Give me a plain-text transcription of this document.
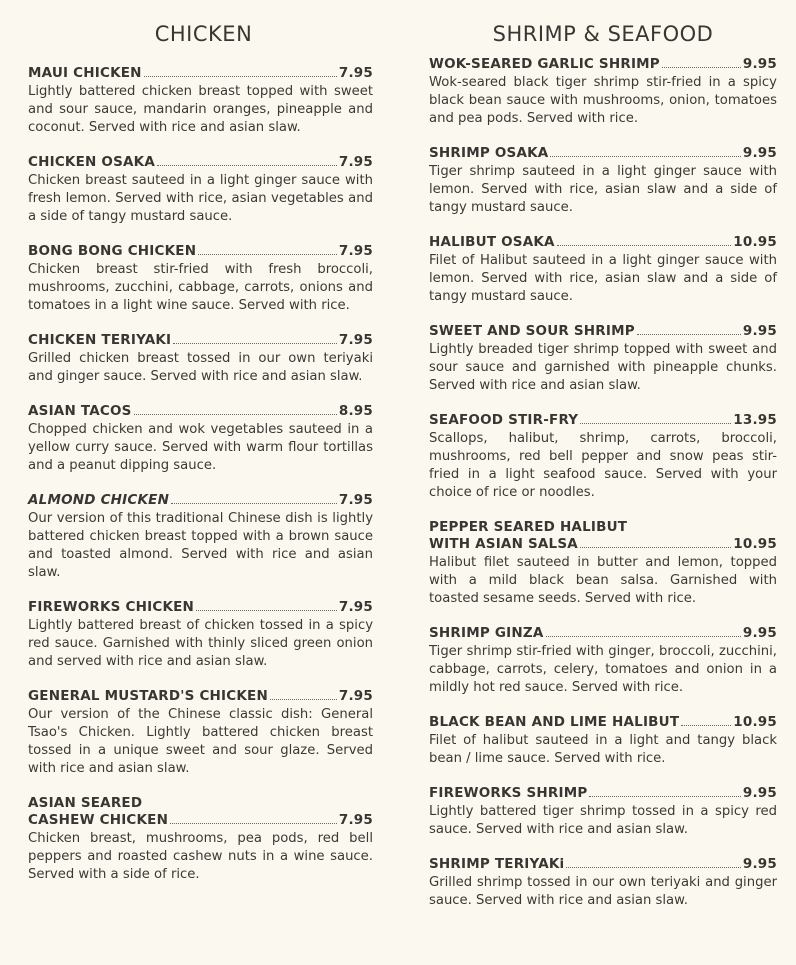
CHICKEN
MAUI CHICKEN	7.95

Lightly battered chicken breast topped with sweet and sour sauce, mandarin oranges, pineapple and coconut. Served with rice and asian slaw.

CHICKEN OSAKA	7.95

Chicken breast sauteed in a light ginger sauce with fresh lemon. Served with rice, asian vegetables and a side of tangy mustard sauce.

BONG BONG CHICKEN	7.95

Chicken breast stir-fried with fresh broccoli, mushrooms, zucchini, cabbage, carrots, onions and tomatoes in a light wine sauce. Served with rice.

CHICKEN TERIYAKI	7.95

Grilled chicken breast tossed in our own teriyaki and ginger sauce. Served with rice and asian slaw.

ASIAN TACOS	8.95

Chopped chicken and wok vegetables sauteed in a yellow curry sauce. Served with warm flour tortillas and a peanut dipping sauce.

ALMOND CHICKEN	7.95

Our version of this traditional Chinese dish is lightly battered chicken breast topped with a brown sauce and toasted almond. Served with rice and asian slaw.

FIREWORKS CHICKEN	7.95

Lightly battered breast of chicken tossed in a spicy red sauce. Garnished with thinly sliced green onion and served with rice and asian slaw.

GENERAL MUSTARD'S CHICKEN	7.95

Our version of the Chinese classic dish: General Tsao's Chicken. Lightly battered chicken breast tossed in a unique sweet and sour glaze. Served with rice and asian slaw.

ASIAN SEARED
CASHEW CHICKEN	7.95

Chicken breast, mushrooms, pea pods, red bell peppers and roasted cashew nuts in a wine sauce. Served with a side of rice.

SHRIMP & SEAFOOD
WOK-SEARED GARLIC SHRIMP	9.95

Wok-seared black tiger shrimp stir-fried in a spicy black bean sauce with mushrooms, onion, tomatoes and pea pods. Served with rice.

SHRIMP OSAKA	9.95

Tiger shrimp sauteed in a light ginger sauce with lemon. Served with rice, asian slaw and a side of tangy mustard sauce.

HALIBUT OSAKA	10.95

Filet of Halibut sauteed in a light ginger sauce with lemon. Served with rice, asian slaw and a side of tangy mustard sauce.

SWEET AND SOUR SHRIMP	9.95

Lightly breaded tiger shrimp topped with sweet and sour sauce and garnished with pineapple chunks. Served with rice and asian slaw.

SEAFOOD STIR-FRY	13.95

Scallops, halibut, shrimp, carrots, broccoli, mushrooms, red bell pepper and snow peas stir-fried in a light seafood sauce. Served with your choice of rice or noodles.

PEPPER SEARED HALIBUT
WITH ASIAN SALSA	10.95

Halibut filet sauteed in butter and lemon, topped with a mild black bean salsa. Garnished with toasted sesame seeds. Served with rice.

SHRIMP GINZA	9.95

Tiger shrimp stir-fried with ginger, broccoli, zucchini, cabbage, carrots, celery, tomatoes and onion in a mildly hot red sauce. Served with rice.

BLACK BEAN AND LIME HALIBUT	10.95

Filet of halibut sauteed in a light and tangy black bean / lime sauce. Served with rice.

FIREWORKS SHRIMP	9.95

Lightly battered tiger shrimp tossed in a spicy red sauce. Served with rice and asian slaw.

SHRIMP TERIYAKi	9.95

Grilled shrimp tossed in our own teriyaki and ginger sauce. Served with rice and asian slaw.
